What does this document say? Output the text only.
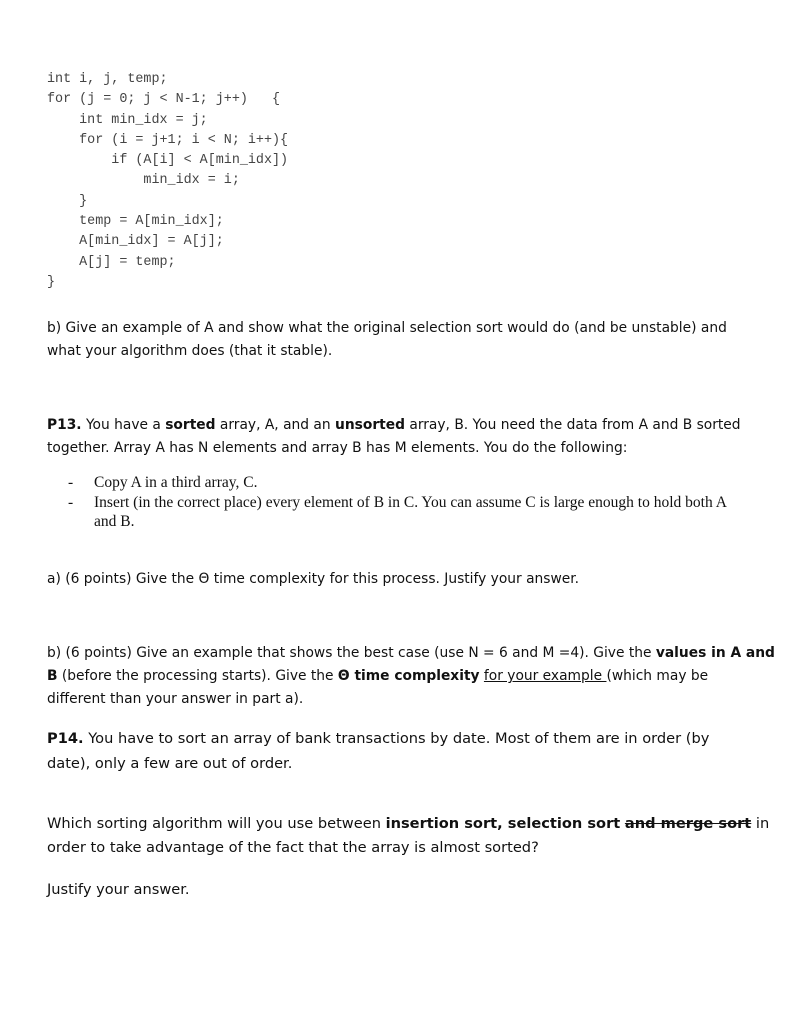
int i, j, temp;
for (j = 0; j < N-1; j++)   {
int min_idx = j;
for (i = j+1; i < N; i++){
if (A[i] < A[min_idx])
min_idx = i;
}
temp = A[min_idx];
A[min_idx] = A[j];
A[j] = temp;
}
b) Give an example of A and show what the original selection sort would do (and be unstable) and
what your algorithm does (that it stable).
P13. You have a sorted array, A, and an unsorted array, B. You need the data from A and B sorted
together. Array A has N elements and array B has M elements. You do the following:
- Copy A in a third array, C.
- Insert (in the correct place) every element of B in C. You can assume C is large enough to hold both A and B.
a) (6 points) Give the Θ time complexity for this process. Justify your answer.
b) (6 points) Give an example that shows the best case (use N = 6 and M =4). Give the values in A and
B (before the processing starts). Give the Θ time complexity for your example (which may be
different than your answer in part a).
P14. You have to sort an array of bank transactions by date. Most of them are in order (by
date), only a few are out of order.
Which sorting algorithm will you use between insertion sort, selection sort and merge sort in
order to take advantage of the fact that the array is almost sorted?
Justify your answer.
